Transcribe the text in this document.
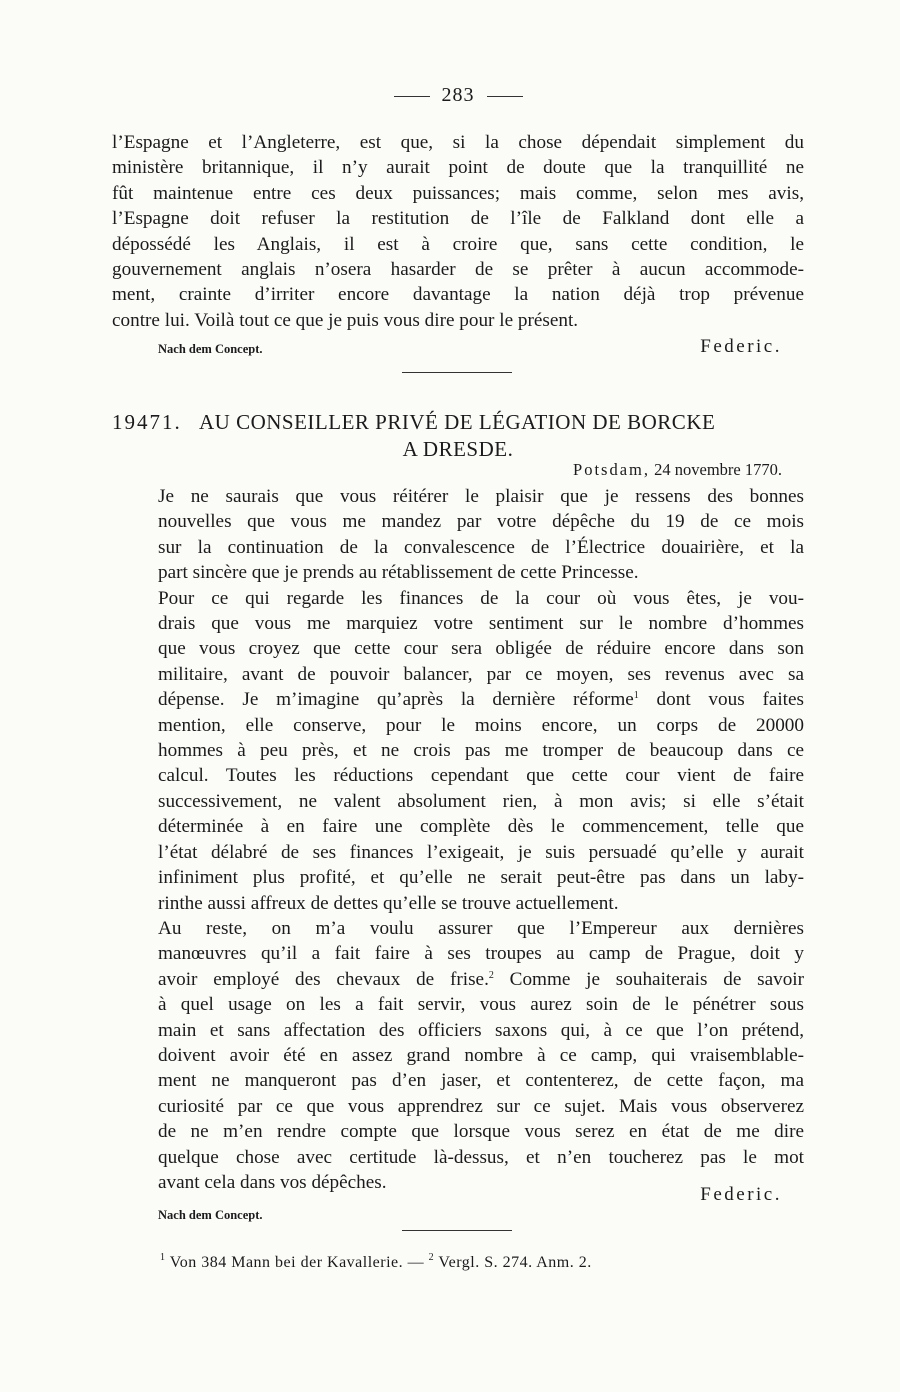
283
l’Espagne et l’Angleterre, est que, si la chose dépendait simplement du
ministère britannique, il n’y aurait point de doute que la tranquillité ne
fût maintenue entre ces deux puissances; mais comme, selon mes avis,
l’Espagne doit refuser la restitution de l’île de Falkland dont elle a
dépossédé les Anglais, il est à croire que, sans cette condition, le
gouvernement anglais n’osera hasarder de se prêter à aucun accommode-
ment, crainte d’irriter encore davantage la nation déjà trop prévenue
contre lui. Voilà tout ce que je puis vous dire pour le présent.
Nach dem Concept.	Federic.
19471. AU CONSEILLER PRIVÉ DE LÉGATION DE BORCKE
A DRESDE.
Potsdam, 24 novembre 1770.
Je ne saurais que vous réitérer le plaisir que je ressens des bonnes
nouvelles que vous me mandez par votre dépêche du 19 de ce mois
sur la continuation de la convalescence de l’Électrice douairière, et la
part sincère que je prends au rétablissement de cette Princesse.
Pour ce qui regarde les finances de la cour où vous êtes, je vou-
drais que vous me marquiez votre sentiment sur le nombre d’hommes
que vous croyez que cette cour sera obligée de réduire encore dans son
militaire, avant de pouvoir balancer, par ce moyen, ses revenus avec sa
dépense. Je m’imagine qu’après la dernière réforme$^1$ dont vous faites
mention, elle conserve, pour le moins encore, un corps de 20000
hommes à peu près, et ne crois pas me tromper de beaucoup dans ce
calcul. Toutes les réductions cependant que cette cour vient de faire
successivement, ne valent absolument rien, à mon avis; si elle s’était
déterminée à en faire une complète dès le commencement, telle que
l’état délabré de ses finances l’exigeait, je suis persuadé qu’elle y aurait
infiniment plus profité, et qu’elle ne serait peut-être pas dans un laby-
rinthe aussi affreux de dettes qu’elle se trouve actuellement.
Au reste, on m’a voulu assurer que l’Empereur aux dernières
manœuvres qu’il a fait faire à ses troupes au camp de Prague, doit y
avoir employé des chevaux de frise.$^2$ Comme je souhaiterais de savoir
à quel usage on les a fait servir, vous aurez soin de le pénétrer sous
main et sans affectation des officiers saxons qui, à ce que l’on prétend,
doivent avoir été en assez grand nombre à ce camp, qui vraisemblable-
ment ne manqueront pas d’en jaser, et contenterez, de cette façon, ma
curiosité par ce que vous apprendrez sur ce sujet. Mais vous observerez
de ne m’en rendre compte que lorsque vous serez en état de me dire
quelque chose avec certitude là-dessus, et n’en toucherez pas le mot
avant cela dans vos dépêches.
Federic.
Nach dem Concept.
$^1$ Von 384 Mann bei der Kavallerie. — $^2$ Vergl. S. 274. Anm. 2.
